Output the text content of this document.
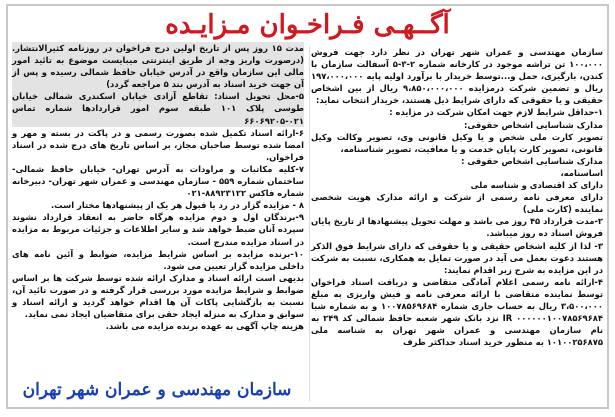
آگــهـی فـراخـوان مـزایـده

سازمان مهندسی و عمران شهر تهران در نظر دارد جهت فروش ۱۰۰،۰۰۰ تن تراشه موجود در کارخانه شماره ۲-۳-۵ آسفالت سازمان با کندن، بارگیری، حمل و...توسط خریدار با برآورد اولیه پایه ۱۹۷،۰۰۰،۰۰۰ ریال و تضمین شرکت درمزایده ۹،۸۵۰،۰۰۰،۰۰۰ ریال از بین اشخاص حقیقی و یا حقوقی که دارای شرایط ذیل هستند، خریدار انتخاب نماید:

۱-حداقل شرایط لازم جهت امکان شرکت در مزایده :

مدارک شناسایی اشخاص حقوقی:

تصویر کارت ملی شخص و یا وکیل قانونی وی، تصویر وکالت وکیل قانونی، تصویر کارت پایان خدمت و یا معافیت، تصویر شناسنامه،

مدارک شناسایی اشخاص حقوقی :

اساسنامه،

دارای کد اقتصادی و شناسه ملی

دارای معرفی نامه رسمی از شرکت و ارائه مدارک هویت شخصی نماینده (کارت ملی)

۲-مدت قرارداد ۴۵ روز می باشد و مهلت تحویل پیشنهادها از تاریخ پایان فروش اسناد ده روز میباشد.

۳- لذا از کلیه اشخاص حقیقی و یا حقوقی که دارای شرایط فوق الذکر هستند دعوت بعمل می آید در صورت تمایل به همکاری، نسبت به شرکت در این مزایده به شرح زیر اقدام نمایند:

۴-ارائه نامه رسمی اعلام آمادگی متقاضی و دریافت اسناد فراخوان توسط نماینده متقاضی با ارائه معرفی نامه و فیش واریزی به مبلغ ۳،۵۰۰،۰۰۰ ریال به حساب جاری شماره ۱۰۰۷۸۵۶۹۶۸۴ و به شماره شبا IR ۰۰۰۰۰۰۱۰۰۷۸۵۶۹۶۸۴ نزد بانک شهر شعبه حافظ شمالی کد ۲۴۹ به نام سازمان مهندسی و عمران شهر تهران به شناسه ملی ۱۰۱۰۰۲۵۶۸۷۵ به منظور خرید اسناد حداکثر ظرف

مدت ۱۵ روز پس از تاریخ اولین درج فراخوان در روزنامه کثیرالانتشار. (درصورت واریز وجه از طریق اینترنتی میبایست موضوع به تائید امور مالی این سازمان واقع در آدرس خیابان حافظ شمالی رسیده و پس از آن جهت خرید اسناد به آدرس بند ۵ مراجعه گردد)

۵-محل تحویل اسناد: تقاطع آزادی خیابان اسکندری شمالی خیابان طوسی پلاک ۱۰۱ طبقه سوم امور قراردادها شماره تماس ۰۲۱-۶۶۰۶۹۲۰۵

۶-ارائه اسناد تکمیل شده بصورت رسمی و در پاکت در بسته و مهر و امضا شده توسط صاحبان مجاز، بر اساس تاریخ های درج شده در اسناد فراخوان.

۷-کلیه مکاتبات و مراودات به آدرس تهران- خیابان حافظ شمالی- ساختمان شماره ۵۵۹ - سازمان مهندسی و عمران شهر تهران- دبیرخانه شماره فاکس ۸۸۹۲۳۱۲۲-۰۲۱

۸ - مزایده گزار در رد یا قبول هر یک از پیشنهادها مختار است.

۹-برندگان اول و دوم مزایده هرگاه حاضر به انعقاد قرارداد نشوند سپرده آنان ضبط خواهد شد و سایر اطلاعات و جزئیات مربوط به مزایده در اسناد مزایده مندرج است.

۱۰-برنده مزایده بر اساس شرایط مزایده، ضوابط و آئین نامه های داخلی مزایده گزار تعیین می شود.

بدیهی است ارائه اسناد و مدارک ارائه شده توسط شرکت ها بر اساس ضوابط و شرایط مزایده مورد بررسی قرار گرفته و در صورت تائید آن، نسبت به بازگشایی پاکات آن ها اقدام خواهد گردید و ارائه اسناد و سوابق و مدارک به منزله ایجاد حقی برای متقاضیان ایجاد نمی نماید.

هزینه چاپ آگهی به عهده برنده مزایده می باشد.

سازمان مهندسی و عمران شهر تهران
